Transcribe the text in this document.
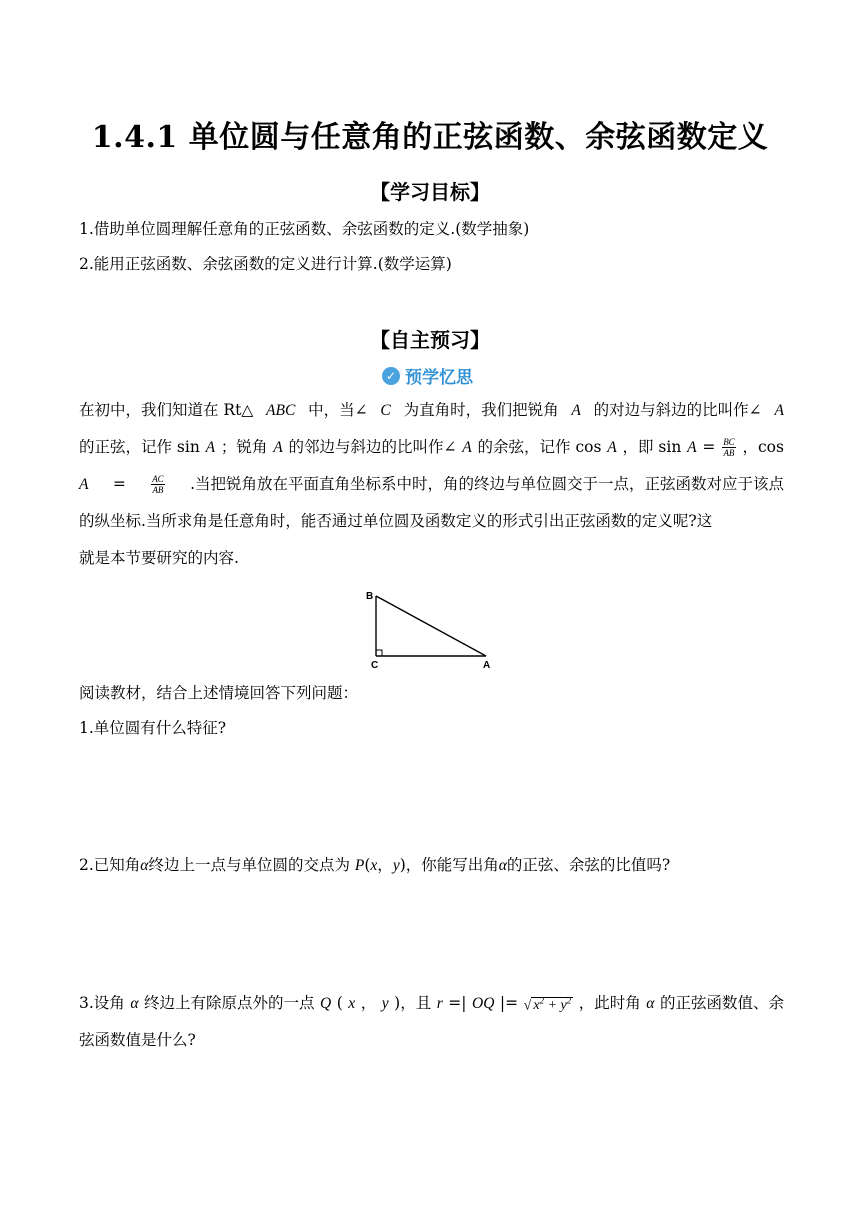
1.4.1 单位圆与任意角的正弦函数、余弦函数定义
【学习目标】
1.借助单位圆理解任意角的正弦函数、余弦函数的定义.(数学抽象)
2.能用正弦函数、余弦函数的定义进行计算.(数学运算)
【自主预习】
✓ 预学忆思
在初中，我们知道在 Rt△ ABC 中，当∠ C 为直角时，我们把锐角 A 的对边与斜边的比叫作∠ A
的正弦，记作 sin A ；锐角 A 的邻边与斜边的比叫作∠ A 的余弦，记作 cos A ，即 $\sin A = \frac{BC}{AB}$ ，cos
A =	$\frac{AC}{AB}$ .当把锐角放在平面直角坐标系中时，角的终边与单位圆交于一点，正弦函数对应于该点
的纵坐标.当所求角是任意角时，能否通过单位圆及函数定义的形式引出正弦函数的定义呢?这
就是本节要研究的内容.
B
C	A
阅读教材，结合上述情境回答下列问题：
1.单位圆有什么特征?
2.已知角α终边上一点与单位圆的交点为 P(x，y)，你能写出角α的正弦、余弦的比值吗?
3.设角 α 终边上有除原点外的一点 Q ( x ， y )，且 r =| OQ |= √ $x^2 + y^2$ ，此时角 α 的正弦函数值、余
弦函数值是什么?
